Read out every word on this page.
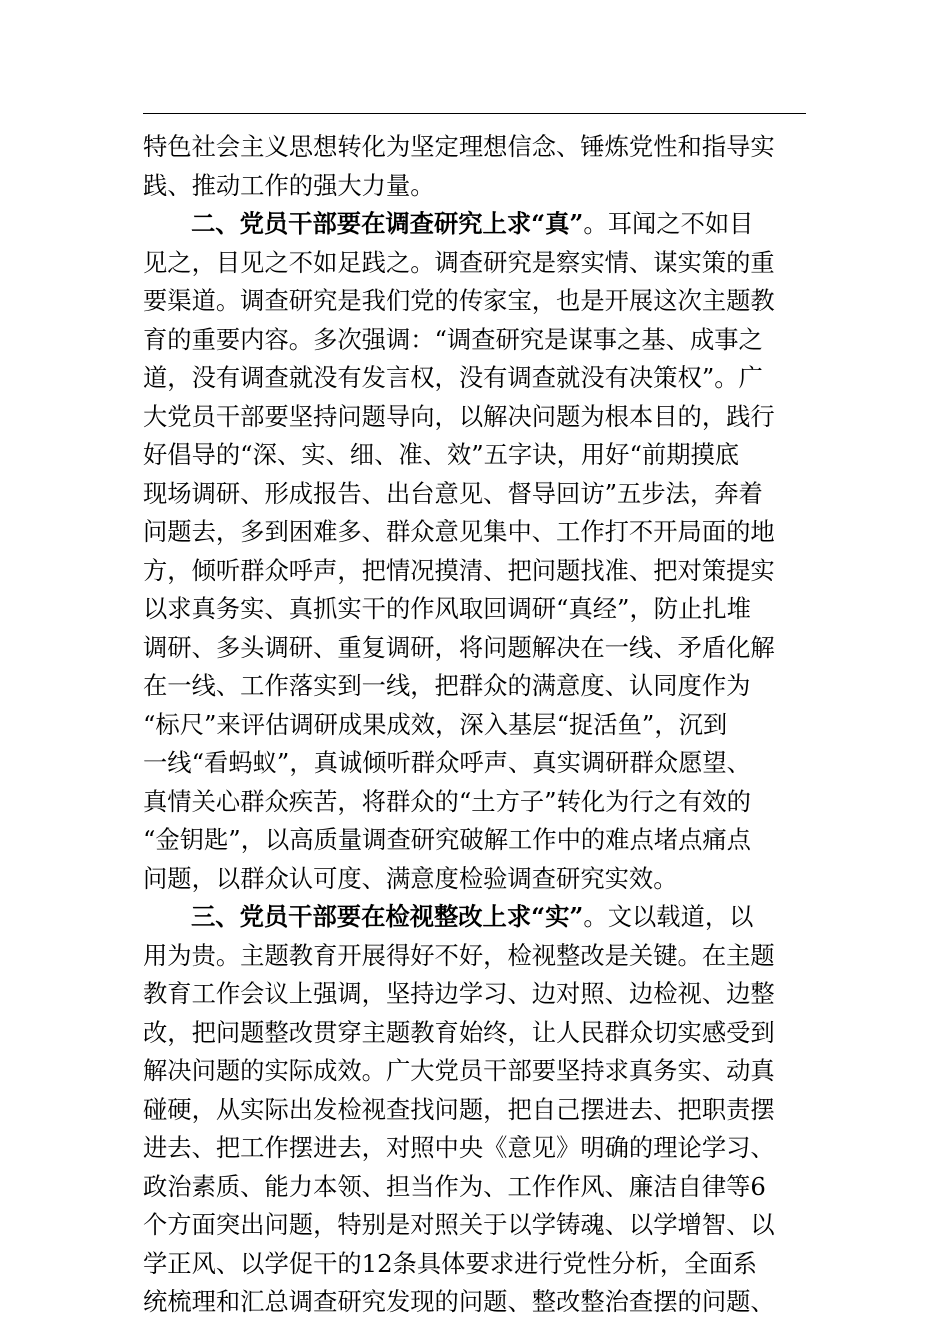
特色社会主义思想转化为坚定理想信念、锤炼党性和指导实
践、推动工作的强大力量。
二、党员干部要在调查研究上求“真”。耳闻之不如目
见之，目见之不如足践之。调查研究是察实情、谋实策的重
要渠道。调查研究是我们党的传家宝，也是开展这次主题教
育的重要内容。多次强调：“调查研究是谋事之基、成事之
道，没有调查就没有发言权，没有调查就没有决策权”。广
大党员干部要坚持问题导向，以解决问题为根本目的，践行
好倡导的“深、实、细、准、效”五字诀，用好“前期摸底
现场调研、形成报告、出台意见、督导回访”五步法，奔着
问题去，多到困难多、群众意见集中、工作打不开局面的地
方，倾听群众呼声，把情况摸清、把问题找准、把对策提实
以求真务实、真抓实干的作风取回调研“真经”，防止扎堆
调研、多头调研、重复调研，将问题解决在一线、矛盾化解
在一线、工作落实到一线，把群众的满意度、认同度作为
“标尺”来评估调研成果成效，深入基层“捉活鱼”，沉到
一线“看蚂蚁”，真诚倾听群众呼声、真实调研群众愿望、
真情关心群众疾苦，将群众的“土方子”转化为行之有效的
“金钥匙”，以高质量调查研究破解工作中的难点堵点痛点
问题，以群众认可度、满意度检验调查研究实效。
三、党员干部要在检视整改上求“实”。文以载道，以
用为贵。主题教育开展得好不好，检视整改是关键。在主题
教育工作会议上强调，坚持边学习、边对照、边检视、边整
改，把问题整改贯穿主题教育始终，让人民群众切实感受到
解决问题的实际成效。广大党员干部要坚持求真务实、动真
碰硬，从实际出发检视查找问题，把自己摆进去、把职责摆
进去、把工作摆进去，对照中央《意见》明确的理论学习、
政治素质、能力本领、担当作为、工作作风、廉洁自律等6
个方面突出问题，特别是对照关于以学铸魂、以学增智、以
学正风、以学促干的12条具体要求进行党性分析，全面系
统梳理和汇总调查研究发现的问题、整改整治查摆的问题、
